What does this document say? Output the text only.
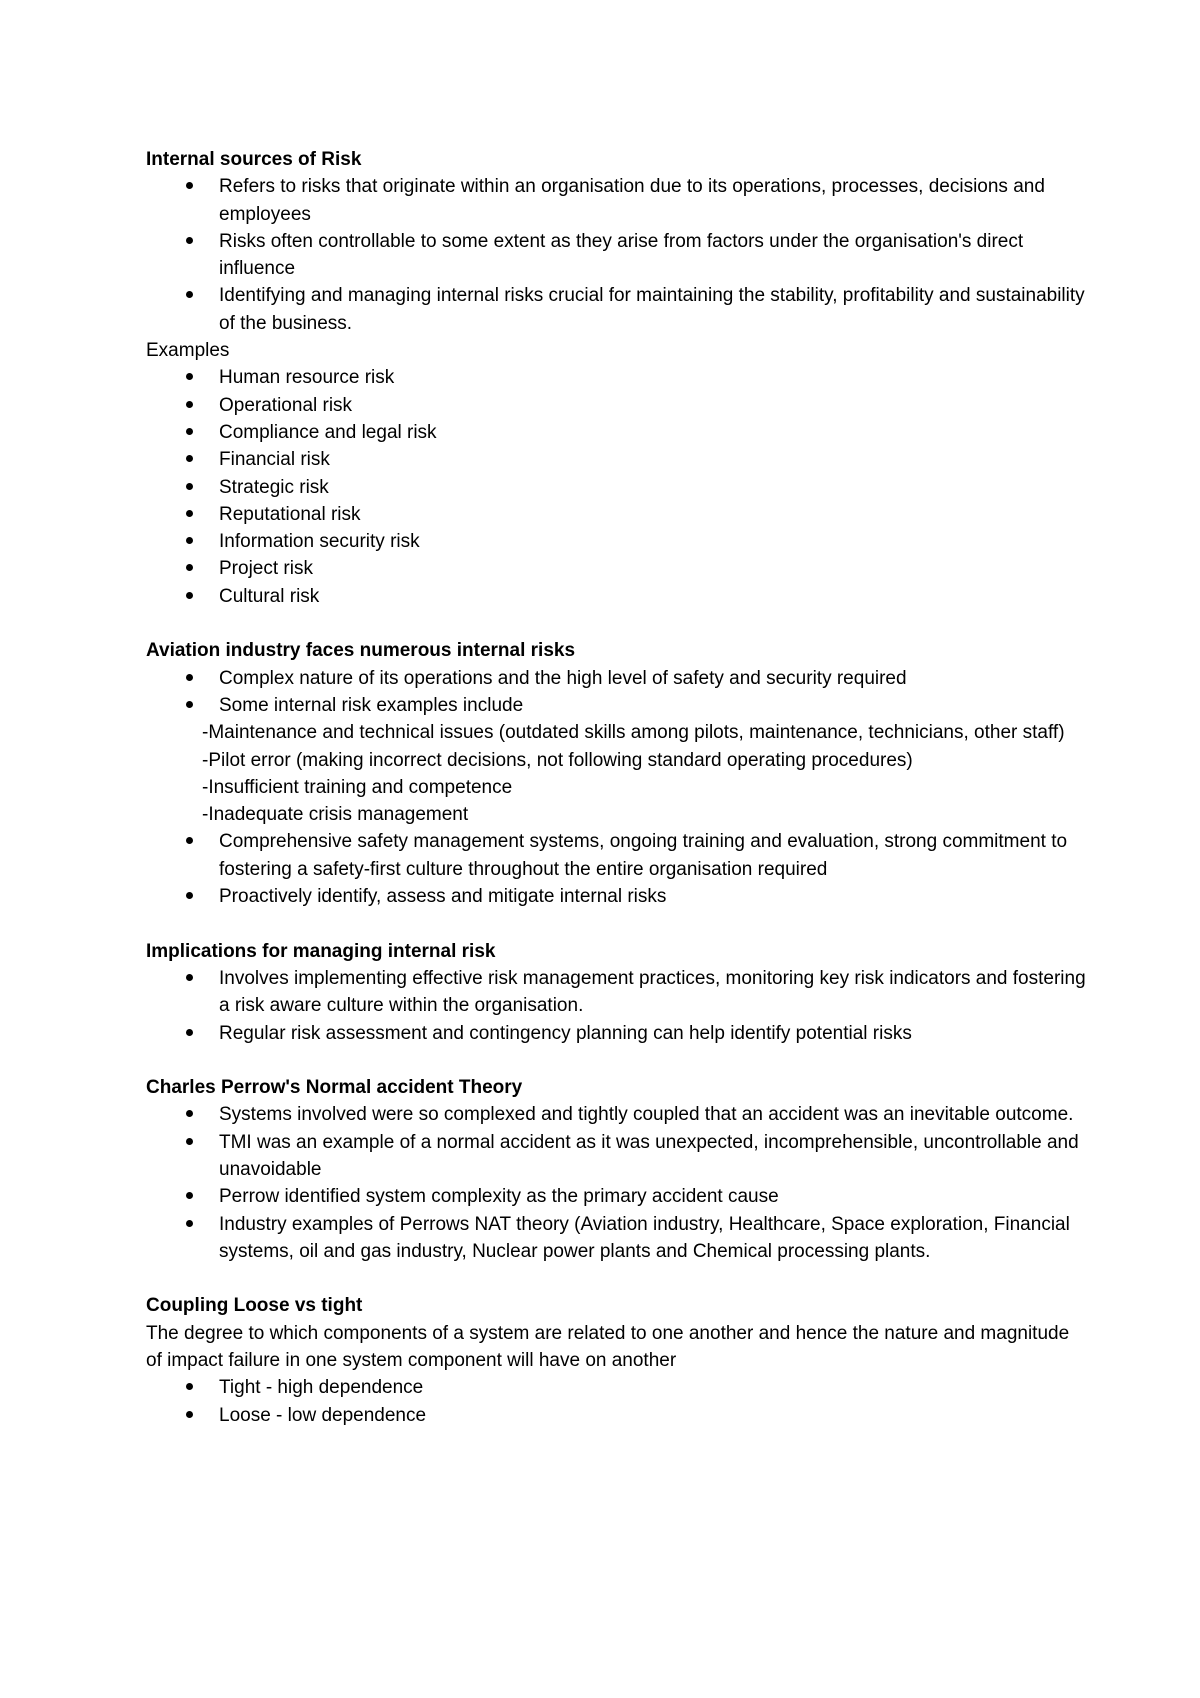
Internal sources of Risk

Refers to risks that originate within an organisation due to its operations, processes, decisions and employees
Risks often controllable to some extent as they arise from factors under the organisation's direct influence
Identifying and managing internal risks crucial for maintaining the stability, profitability and sustainability of the business.

Examples

Human resource risk
Operational risk
Compliance and legal risk
Financial risk
Strategic risk
Reputational risk
Information security risk
Project risk
Cultural risk

Aviation industry faces numerous internal risks

Complex nature of its operations and the high level of safety and security required
Some internal risk examples include

-Maintenance and technical issues (outdated skills among pilots, maintenance, technicians, other staff)

-Pilot error (making incorrect decisions, not following standard operating procedures)

-Insufficient training and competence

-Inadequate crisis management

Comprehensive safety management systems, ongoing training and evaluation, strong commitment to fostering a safety-first culture throughout the entire organisation required
Proactively identify, assess and mitigate internal risks

Implications for managing internal risk

Involves implementing effective risk management practices, monitoring key risk indicators and fostering a risk aware culture within the organisation.
Regular risk assessment and contingency planning can help identify potential risks

Charles Perrow's Normal accident Theory

Systems involved were so complexed and tightly coupled that an accident was an inevitable outcome.
TMI was an example of a normal accident as it was unexpected, incomprehensible, uncontrollable and unavoidable
Perrow identified system complexity as the primary accident cause
Industry examples of Perrows NAT theory (Aviation industry, Healthcare, Space exploration, Financial systems, oil and gas industry, Nuclear power plants and Chemical processing plants.

Coupling Loose vs tight

The degree to which components of a system are related to one another and hence the nature and magnitude of impact failure in one system component will have on another

Tight - high dependence
Loose - low dependence
